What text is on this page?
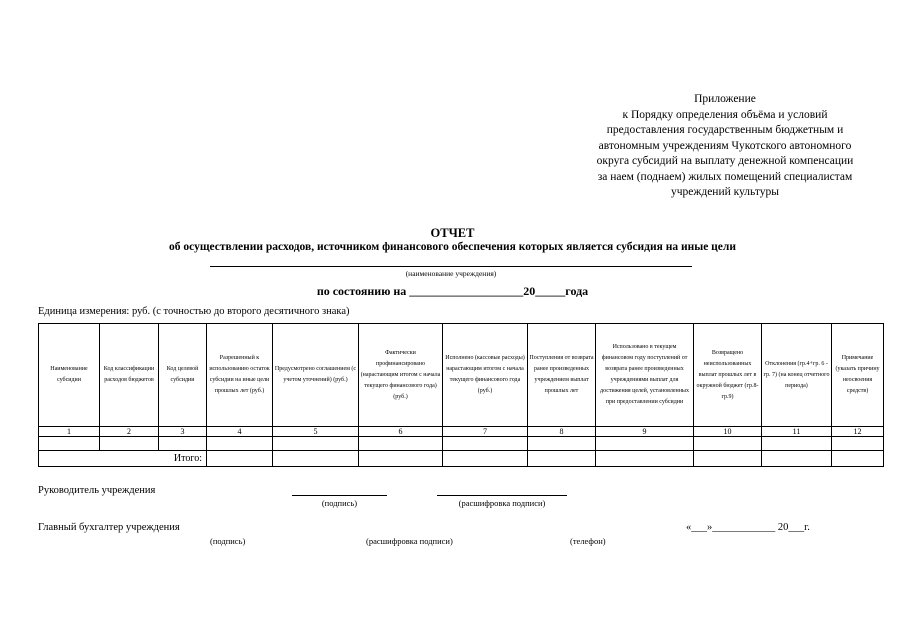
Приложение
к Порядку определения объёма и условий
предоставления государственным бюджетным и
автономным учреждениям Чукотского автономного
округа субсидий на выплату денежной компенсации
за наем (поднаем) жилых помещений специалистам
учреждений культуры
ОТЧЕТ
об осуществлении расходов, источником финансового обеспечения которых является субсидия на иные цели
(наименование учреждения)
по состоянию на ___________________20_____года
Единица измерения: руб. (с точностью до второго десятичного знака)
Наименование субсидии	Код классификации расходов бюджетов	Код целевой субсидии	Разрешенный к использованию остаток субсидии на иные цели прошлых лет (руб.)	Предусмотрено соглашением (с учетом уточнений) (руб.)	Фактически профинансировано (нарастающим итогом с начала текущего финансового года) (руб.)	Исполнено (кассовые расходы) нарастающим итогом с начала текущего финансового года (руб.)	Поступления от возврата ранее произведенных учреждением выплат прошлых лет	Использовано в текущем финансовом году поступлений от возврата ранее произведенных учреждениями выплат для достижения целей, установленных при предоставлении субсидии	Возвращено неиспользованных выплат прошлых лет в окружной бюджет (гр.8-гр.9)	Отклонения (гр.4+гр. 6 - гр. 7) (на конец отчетного периода)	Примечание (указать причину неосвоения средств)
1	2	3	4	5	6	7	8	9	10	11	12

Итого:											
Руководитель учреждения
(подпись)	(расшифровка подписи)
Главный бухгалтер учреждения	«___»____________ 20___г.
(подпись)	(расшифровка подписи)	(телефон)
